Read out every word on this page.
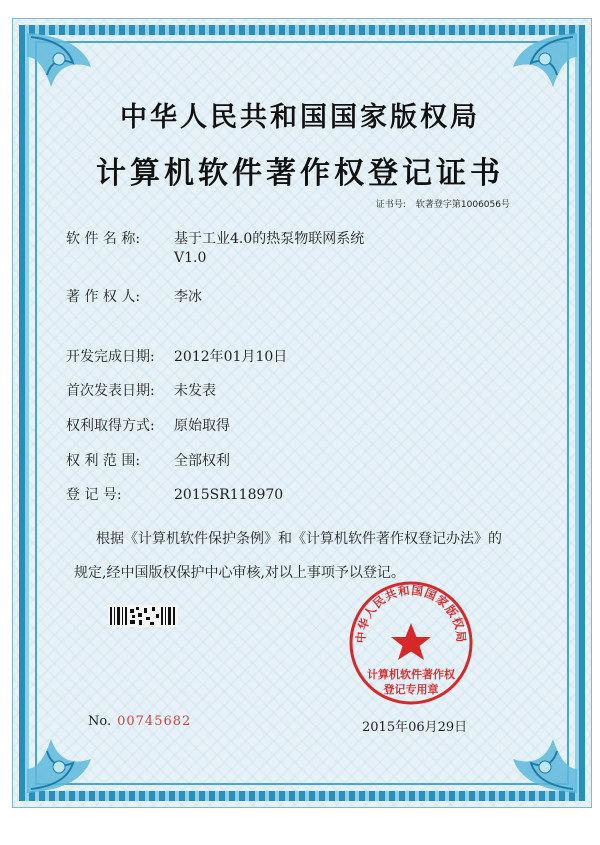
中华人民共和国国家版权局
计算机软件著作权登记证书
证书号: 软著登字第1006056号
软 件 名 称: 基于工业4.0的热泵物联网系统
V1.0
著 作 权 人: 李冰
开发完成日期: 2012年01月10日
首次发表日期: 未发表
权利取得方式: 原始取得
权 利 范 围: 全部权利
登 记 号:	2015SR118970
根据《计算机软件保护条例》和《计算机软件著作权登记办法》的
规定,经中国版权保护中心审核,对以上事项予以登记。
No. 00745682
中华人民共和国国家版权局
计算机软件著作权
登记专用章
2015年06月29日
